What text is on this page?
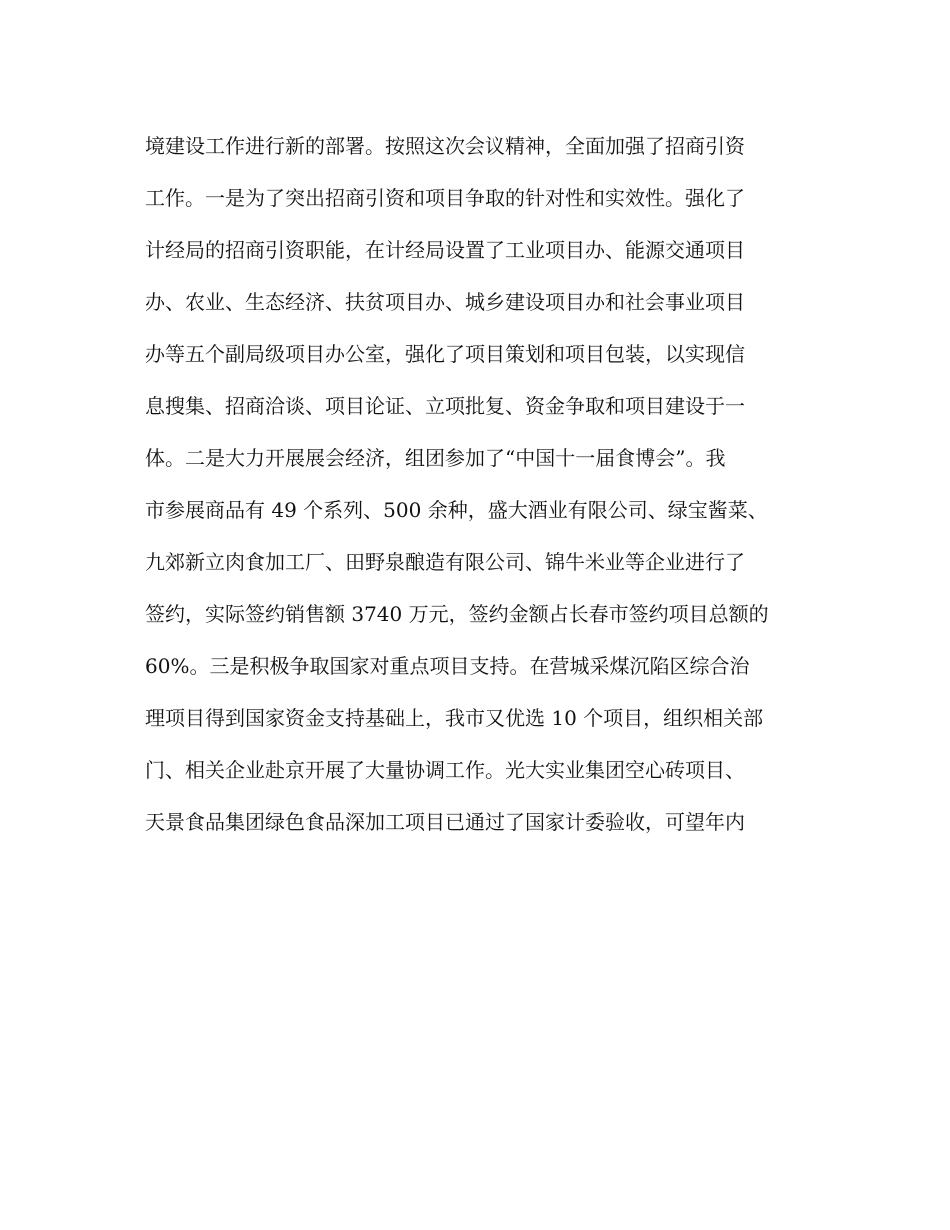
境建设工作进行新的部署。按照这次会议精神，全面加强了招商引资
工作。一是为了突出招商引资和项目争取的针对性和实效性。强化了
计经局的招商引资职能，在计经局设置了工业项目办、能源交通项目
办、农业、生态经济、扶贫项目办、城乡建设项目办和社会事业项目
办等五个副局级项目办公室，强化了项目策划和项目包装，以实现信
息搜集、招商洽谈、项目论证、立项批复、资金争取和项目建设于一
体。二是大力开展展会经济，组团参加了“中国十一届食博会”。我
市参展商品有 49 个系列、500 余种，盛大酒业有限公司、绿宝酱菜、
九郊新立肉食加工厂、田野泉酿造有限公司、锦牛米业等企业进行了
签约，实际签约销售额 3740 万元，签约金额占长春市签约项目总额的
60%。三是积极争取国家对重点项目支持。在营城采煤沉陷区综合治
理项目得到国家资金支持基础上，我市又优选 10 个项目，组织相关部
门、相关企业赴京开展了大量协调工作。光大实业集团空心砖项目、
天景食品集团绿色食品深加工项目已通过了国家计委验收，可望年内
